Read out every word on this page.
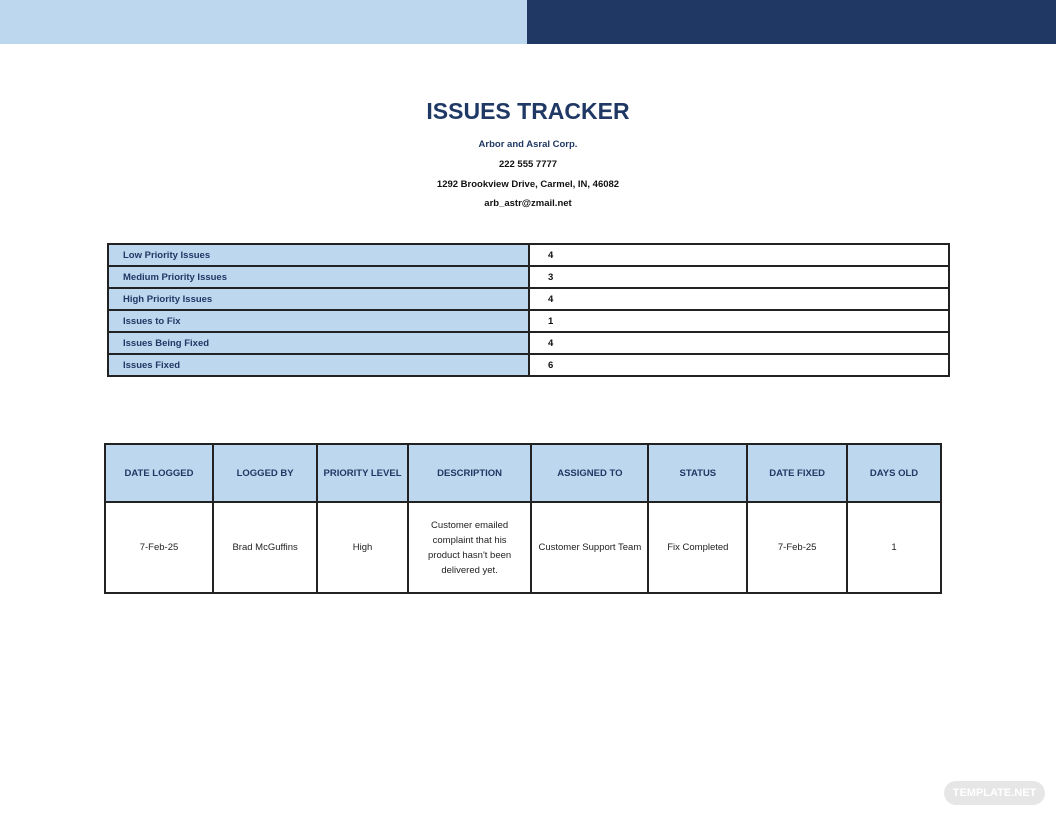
ISSUES TRACKER
Arbor and Asral Corp.
222 555 7777
1292 Brookview Drive, Carmel, IN, 46082
arb_astr@zmail.net
Low Priority Issues	4
Medium Priority Issues	3
High Priority Issues	4
Issues to Fix	1
Issues Being Fixed	4
Issues Fixed	6
DATE LOGGED	LOGGED BY	PRIORITY LEVEL	DESCRIPTION	ASSIGNED TO	STATUS	DATE FIXED	DAYS OLD
7-Feb-25	Brad McGuffins	High	Customer emailed complaint that his product hasn't been delivered yet.	Customer Support Team	Fix Completed	7-Feb-25	1
TEMPLATE.NET
